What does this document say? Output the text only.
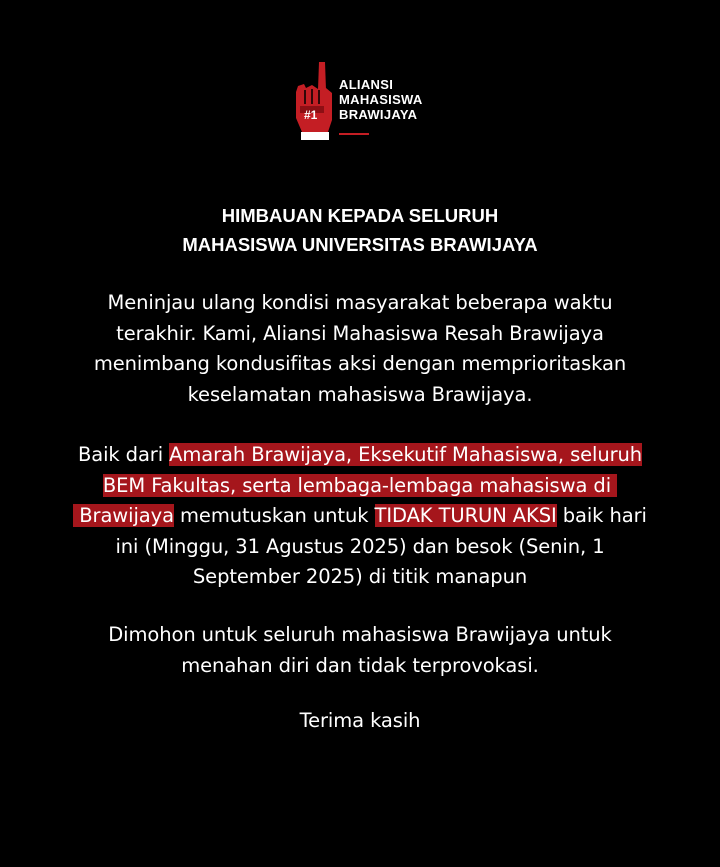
#1
ALIANSI
MAHASISWA
BRAWIJAYA
HIMBAUAN KEPADA SELURUH
MAHASISWA UNIVERSITAS BRAWIJAYA
Meninjau ulang kondisi masyarakat beberapa waktu
terakhir. Kami, Aliansi Mahasiswa Resah Brawijaya
menimbang kondusifitas aksi dengan memprioritaskan
keselamatan mahasiswa Brawijaya.
Baik dari Amarah Brawijaya, Eksekutif Mahasiswa, seluruh
BEM Fakultas, serta lembaga-lembaga mahasiswa di
Brawijaya memutuskan untuk TIDAK TURUN AKSI baik hari
ini (Minggu, 31 Agustus 2025) dan besok (Senin, 1
September 2025) di titik manapun
Dimohon untuk seluruh mahasiswa Brawijaya untuk
menahan diri dan tidak terprovokasi.
Terima kasih
